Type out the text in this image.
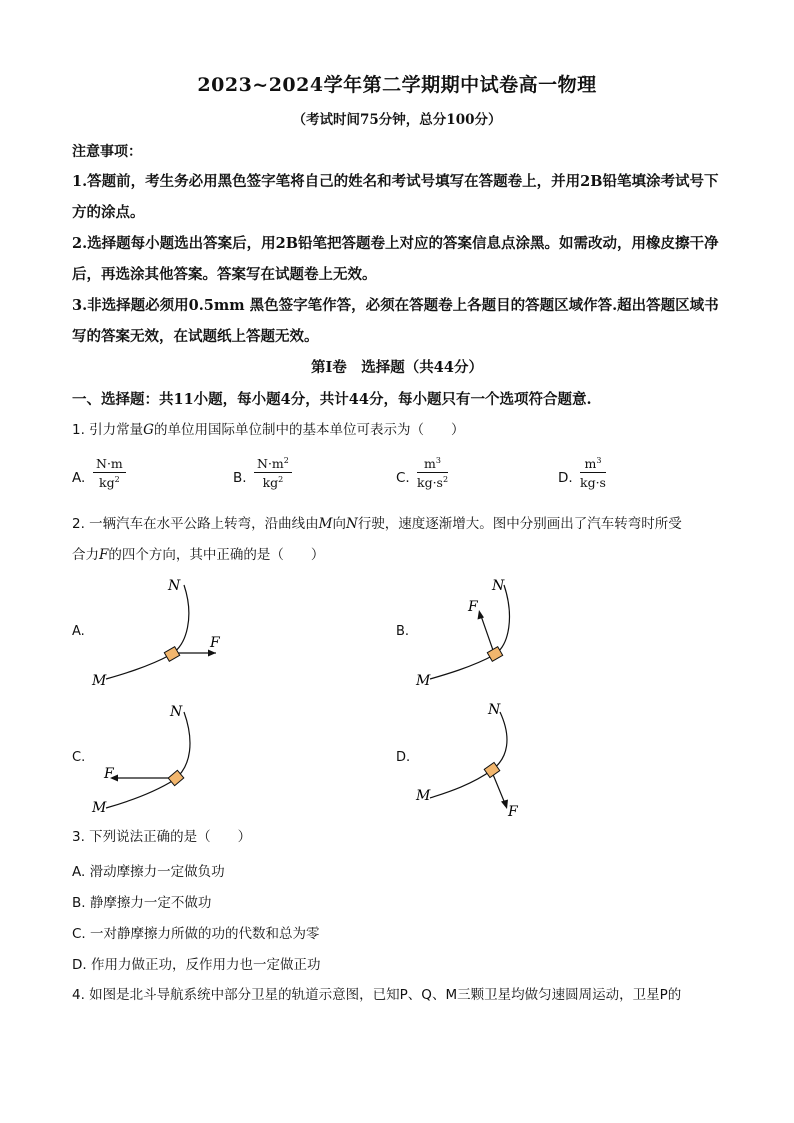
2023~2024学年第二学期期中试卷高一物理
（考试时间75分钟，总分100分）
注意事项：
1.答题前，考生务必用黑色签字笔将自己的姓名和考试号填写在答题卷上，并用2B铅笔填涂考试号下方的涂点。
2.选择题每小题选出答案后，用2B铅笔把答题卷上对应的答案信息点涂黑。如需改动，用橡皮擦干净后，再选涂其他答案。答案写在试题卷上无效。
3.非选择题必须用0.5mm 黑色签字笔作答，必须在答题卷上各题目的答题区域作答.超出答题区域书写的答案无效，在试题纸上答题无效。
第I卷　选择题（共44分）
一、选择题：共11小题，每小题4分，共计44分，每小题只有一个选项符合题意.
1. 引力常量G的单位用国际单位制中的基本单位可表示为（　　）
A. $\frac{N\cdot m}{kg^2}$	B. $\frac{N\cdot m^2}{kg^2}$	C. $\frac{m^3}{kg\cdot s^2}$	D. $\frac{m^3}{kg\cdot s}$
2. 一辆汽车在水平公路上转弯，沿曲线由M向N行驶，速度逐渐增大。图中分别画出了汽车转弯时所受
合力F的四个方向，其中正确的是（　　）
A.
N
M
F
B.
N
M
F
C.
N
M
F
D.
N
M
F
3. 下列说法正确的是（　　）
A. 滑动摩擦力一定做负功
B. 静摩擦力一定不做功
C. 一对静摩擦力所做的功的代数和总为零
D. 作用力做正功，反作用力也一定做正功
4. 如图是北斗导航系统中部分卫星的轨道示意图，已知P、Q、M三颗卫星均做匀速圆周运动，卫星P的
